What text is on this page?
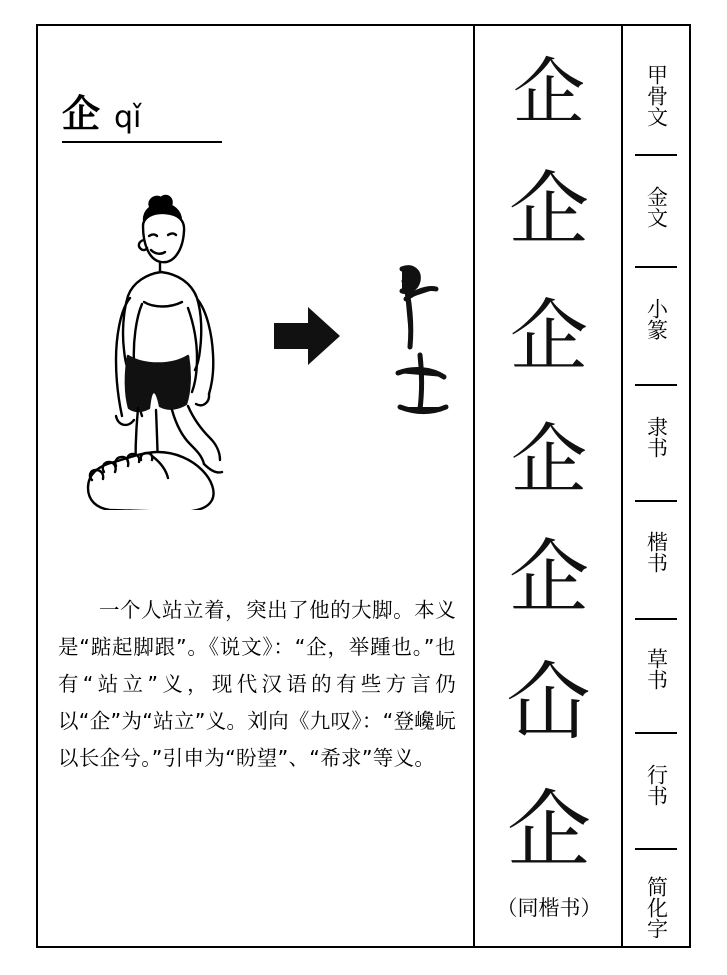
企 qǐ

一个人站立着，突出了他的大脚。本义是“踮起脚跟”。《说文》：“企，举踵也。”也有“站立”义，现代汉语的有些方言仍以“企”为“站立”义。刘向《九叹》：“登巉岏以长企兮。”引申为“盼望”、“希求”等义。

企
企
企
企
企
仚
企
（同楷书）
甲骨文
金文
小篆
隶书
楷书
草书
行书
简化字
